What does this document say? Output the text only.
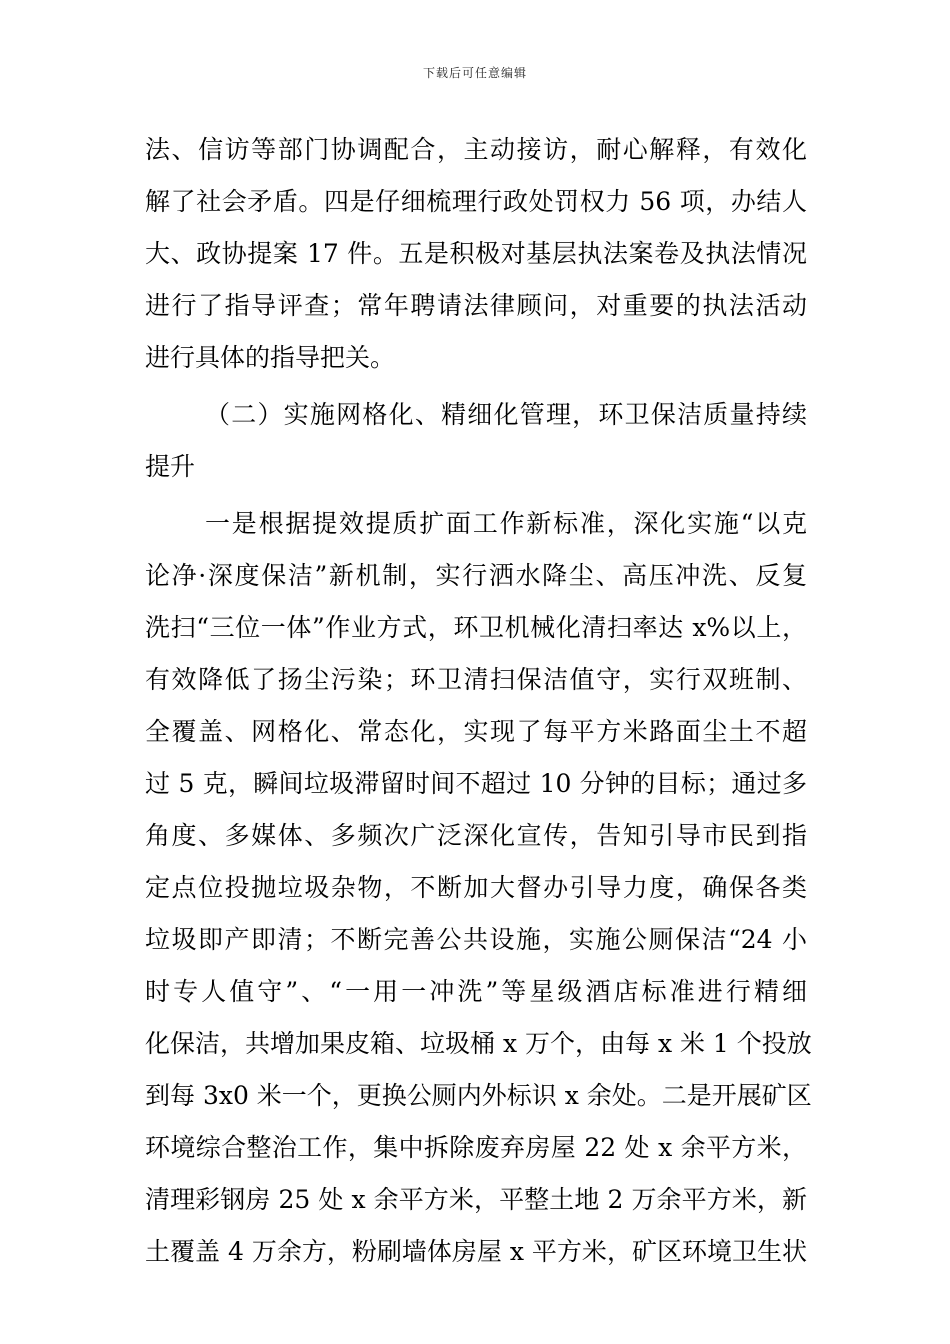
下载后可任意编辑
法、信访等部门协调配合，主动接访，耐心解释，有效化
解了社会矛盾。四是仔细梳理行政处罚权力 56 项，办结人
大、政协提案 17 件。五是积极对基层执法案卷及执法情况
进行了指导评查；常年聘请法律顾问，对重要的执法活动
进行具体的指导把关。
（二）实施网格化、精细化管理，环卫保洁质量持续
提升
一是根据提效提质扩面工作新标准，深化实施“以克
论净·深度保洁”新机制，实行洒水降尘、高压冲洗、反复
洗扫“三位一体”作业方式，环卫机械化清扫率达 x%以上，
有效降低了扬尘污染；环卫清扫保洁值守，实行双班制、
全覆盖、网格化、常态化，实现了每平方米路面尘土不超
过 5 克，瞬间垃圾滞留时间不超过 10 分钟的目标；通过多
角度、多媒体、多频次广泛深化宣传，告知引导市民到指
定点位投抛垃圾杂物，不断加大督办引导力度，确保各类
垃圾即产即清；不断完善公共设施，实施公厕保洁“24 小
时专人值守”、“一用一冲洗”等星级酒店标准进行精细
化保洁，共增加果皮箱、垃圾桶 x 万个，由每 x 米 1 个投放
到每 3x0 米一个，更换公厕内外标识 x 余处。二是开展矿区
环境综合整治工作，集中拆除废弃房屋 22 处 x 余平方米，
清理彩钢房 25 处 x 余平方米，平整土地 2 万余平方米，新
土覆盖 4 万余方，粉刷墙体房屋 x 平方米，矿区环境卫生状
